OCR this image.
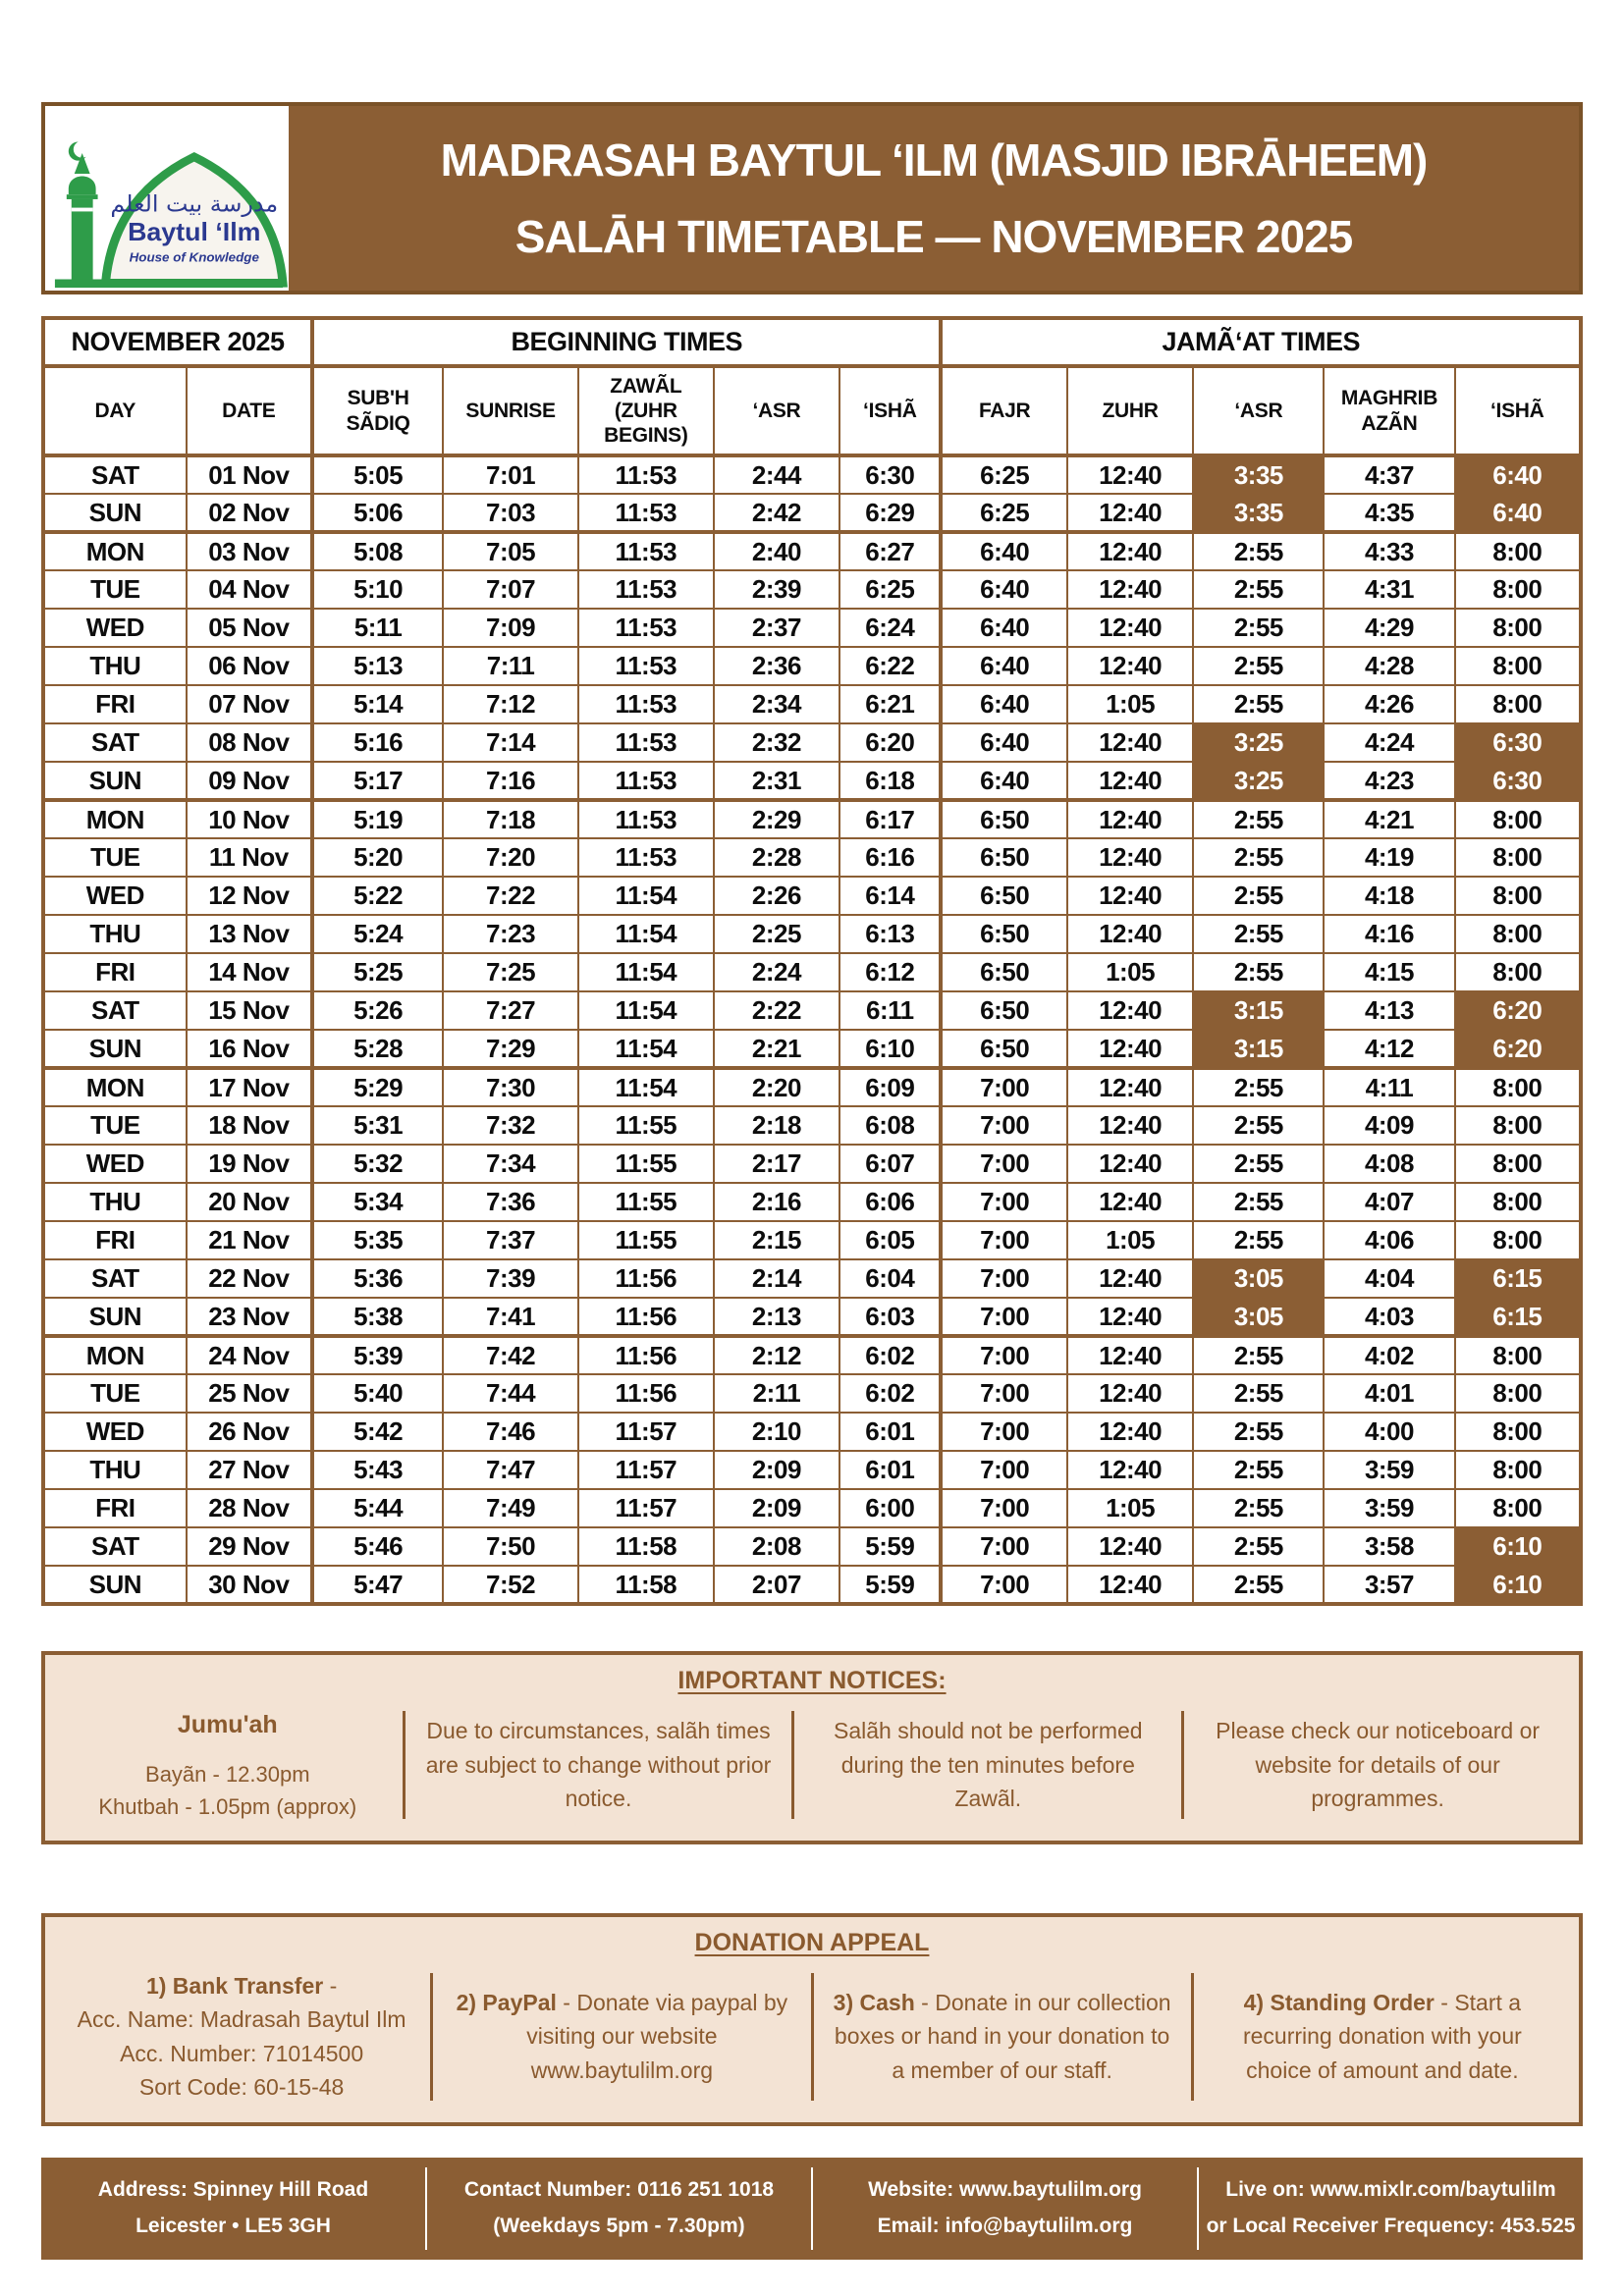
مدرسة بيت العلم
Baytul ‘Ilm
House of Knowledge
MADRASAH BAYTUL ‘ILM (MASJID IBRĀHEEM)
SALĀH TIMETABLE — NOVEMBER 2025
NOVEMBER 2025		BEGINNING TIMES					JAMÃ‘AT TIMES				
DAY	DATE	SUB'H SÃDIQ	SUNRISE	ZAWÃL (ZUHR BEGINS)	‘ASR	‘ISHÃ	FAJR	ZUHR	‘ASR	MAGHRIB AZÃN	‘ISHÃ
SAT	01 Nov	5:05	7:01	11:53	2:44	6:30	6:25	12:40	3:35	4:37	6:40
SUN	02 Nov	5:06	7:03	11:53	2:42	6:29	6:25	12:40	3:35	4:35	6:40
MON	03 Nov	5:08	7:05	11:53	2:40	6:27	6:40	12:40	2:55	4:33	8:00
TUE	04 Nov	5:10	7:07	11:53	2:39	6:25	6:40	12:40	2:55	4:31	8:00
WED	05 Nov	5:11	7:09	11:53	2:37	6:24	6:40	12:40	2:55	4:29	8:00
THU	06 Nov	5:13	7:11	11:53	2:36	6:22	6:40	12:40	2:55	4:28	8:00
FRI	07 Nov	5:14	7:12	11:53	2:34	6:21	6:40	1:05	2:55	4:26	8:00
SAT	08 Nov	5:16	7:14	11:53	2:32	6:20	6:40	12:40	3:25	4:24	6:30
SUN	09 Nov	5:17	7:16	11:53	2:31	6:18	6:40	12:40	3:25	4:23	6:30
MON	10 Nov	5:19	7:18	11:53	2:29	6:17	6:50	12:40	2:55	4:21	8:00
TUE	11 Nov	5:20	7:20	11:53	2:28	6:16	6:50	12:40	2:55	4:19	8:00
WED	12 Nov	5:22	7:22	11:54	2:26	6:14	6:50	12:40	2:55	4:18	8:00
THU	13 Nov	5:24	7:23	11:54	2:25	6:13	6:50	12:40	2:55	4:16	8:00
FRI	14 Nov	5:25	7:25	11:54	2:24	6:12	6:50	1:05	2:55	4:15	8:00
SAT	15 Nov	5:26	7:27	11:54	2:22	6:11	6:50	12:40	3:15	4:13	6:20
SUN	16 Nov	5:28	7:29	11:54	2:21	6:10	6:50	12:40	3:15	4:12	6:20
MON	17 Nov	5:29	7:30	11:54	2:20	6:09	7:00	12:40	2:55	4:11	8:00
TUE	18 Nov	5:31	7:32	11:55	2:18	6:08	7:00	12:40	2:55	4:09	8:00
WED	19 Nov	5:32	7:34	11:55	2:17	6:07	7:00	12:40	2:55	4:08	8:00
THU	20 Nov	5:34	7:36	11:55	2:16	6:06	7:00	12:40	2:55	4:07	8:00
FRI	21 Nov	5:35	7:37	11:55	2:15	6:05	7:00	1:05	2:55	4:06	8:00
SAT	22 Nov	5:36	7:39	11:56	2:14	6:04	7:00	12:40	3:05	4:04	6:15
SUN	23 Nov	5:38	7:41	11:56	2:13	6:03	7:00	12:40	3:05	4:03	6:15
MON	24 Nov	5:39	7:42	11:56	2:12	6:02	7:00	12:40	2:55	4:02	8:00
TUE	25 Nov	5:40	7:44	11:56	2:11	6:02	7:00	12:40	2:55	4:01	8:00
WED	26 Nov	5:42	7:46	11:57	2:10	6:01	7:00	12:40	2:55	4:00	8:00
THU	27 Nov	5:43	7:47	11:57	2:09	6:01	7:00	12:40	2:55	3:59	8:00
FRI	28 Nov	5:44	7:49	11:57	2:09	6:00	7:00	1:05	2:55	3:59	8:00
SAT	29 Nov	5:46	7:50	11:58	2:08	5:59	7:00	12:40	2:55	3:58	6:10
SUN	30 Nov	5:47	7:52	11:58	2:07	5:59	7:00	12:40	2:55	3:57	6:10
IMPORTANT NOTICES:
Jumu'ah
Bayãn - 12.30pm
Khutbah - 1.05pm (approx)
Due to circumstances, salãh times are subject to change without prior notice.
Salãh should not be performed during the ten minutes before Zawãl.
Please check our noticeboard or website for details of our programmes.
DONATION APPEAL
1) Bank Transfer -
Acc. Name: Madrasah Baytul Ilm
Acc. Number: 71014500
Sort Code: 60-15-48
2) PayPal - Donate via paypal by visiting our website www.baytulilm.org
3) Cash - Donate in our collection boxes or hand in your donation to a member of our staff.
4) Standing Order - Start a recurring donation with your choice of amount and date.
Address: Spinney Hill Road
Leicester • LE5 3GH
Contact Number: 0116 251 1018
(Weekdays 5pm - 7.30pm)
Website: www.baytulilm.org
Email: info@baytulilm.org
Live on: www.mixlr.com/baytulilm
or Local Receiver Frequency: 453.525
